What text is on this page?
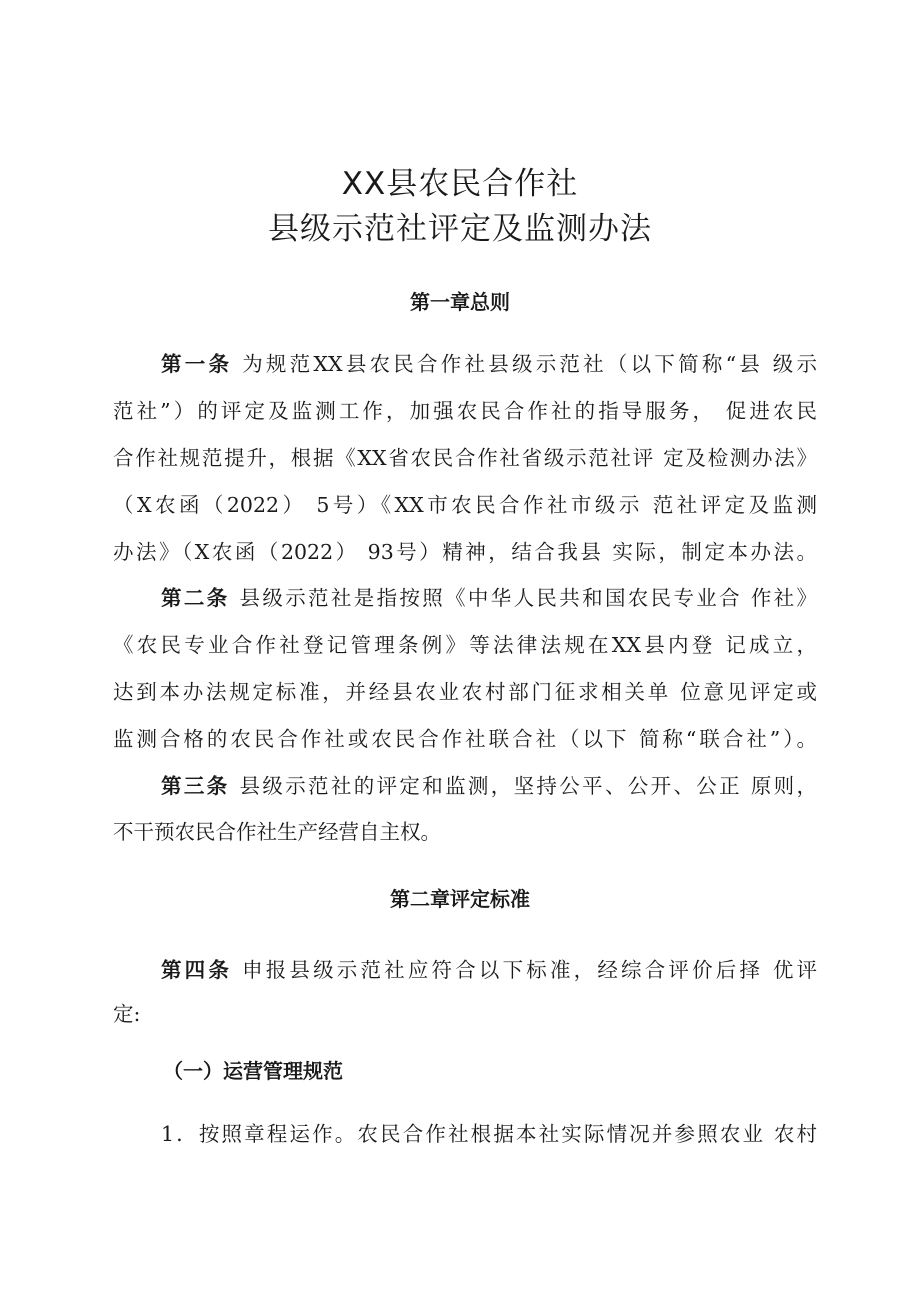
XX县农民合作社
县级示范社评定及监测办法
第一章总则
第一条 为规范XX县农民合作社县级示范社（以下简称“县 级示
范社”）的评定及监测工作，加强农民合作社的指导服务， 促进农民
合作社规范提升，根据《XX省农民合作社省级示范社评 定及检测办法》
（X农函（2022） 5号）《XX市农民合作社市级示 范社评定及监测
办法》（X农函（2022） 93号）精神，结合我县 实际，制定本办法。
第二条 县级示范社是指按照《中华人民共和国农民专业合 作社》
《农民专业合作社登记管理条例》等法律法规在XX县内登 记成立，
达到本办法规定标准，并经县农业农村部门征求相关单 位意见评定或
监测合格的农民合作社或农民合作社联合社（以下 简称“联合社”）。
第三条 县级示范社的评定和监测，坚持公平、公开、公正 原则，
不干预农民合作社生产经营自主权。
第二章评定标准
第四条 申报县级示范社应符合以下标准，经综合评价后择 优评
定:
（一）运营管理规范
1．按照章程运作。农民合作社根据本社实际情况并参照农业 农村
